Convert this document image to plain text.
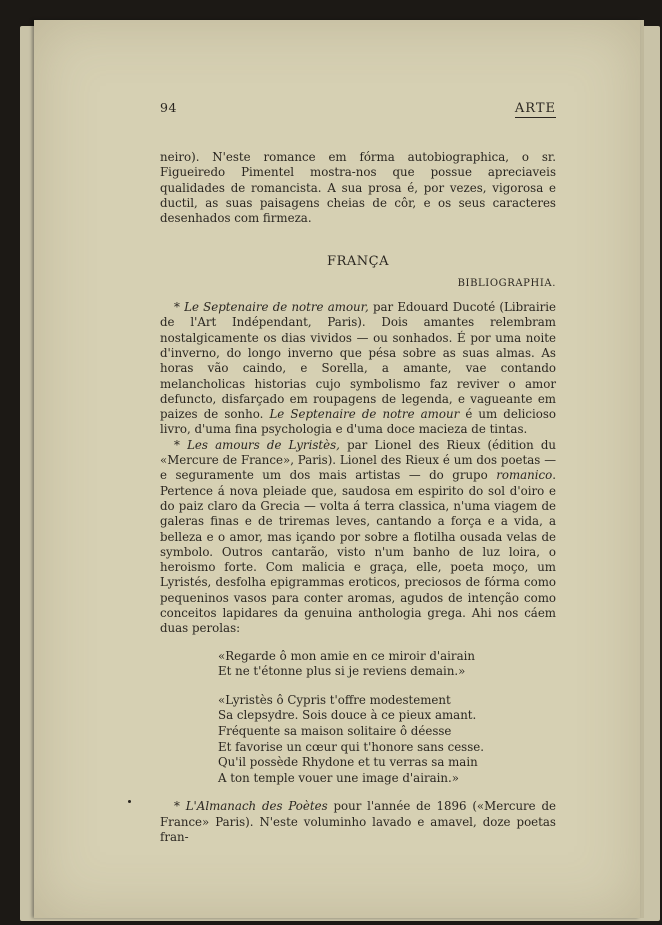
94	ARTE

neiro). N'este romance em fórma autobiographica, o sr. Figueiredo Pimentel mostra-nos que possue apreciaveis qualidades de romancista. A sua prosa é, por vezes, vigorosa e ductil, as suas paisagens cheias de côr, e os seus caracteres desenhados com firmeza.

FRANÇA
BIBLIOGRAPHIA.

* Le Septenaire de notre amour, par Edouard Ducoté (Librairie de l'Art Indépendant, Paris). Dois amantes relembram nostalgicamente os dias vividos — ou sonhados. É por uma noite d'inverno, do longo inverno que pésa sobre as suas almas. As horas vão caindo, e Sorella, a amante, vae contando melancholicas historias cujo symbolismo faz reviver o amor defuncto, disfarçado em roupagens de legenda, e vagueante em paizes de sonho. Le Septenaire de notre amour é um delicioso livro, d'uma fina psychologia e d'uma doce macieza de tintas.

* Les amours de Lyristès, par Lionel des Rieux (édition du «Mercure de France», Paris). Lionel des Rieux é um dos poetas — e seguramente um dos mais artistas — do grupo romanico. Pertence á nova pleiade que, saudosa em espirito do sol d'oiro e do paiz claro da Grecia — volta á terra classica, n'uma viagem de galeras finas e de triremas leves, cantando a força e a vida, a belleza e o amor, mas içando por sobre a flotilha ousada velas de symbolo. Outros cantarão, visto n'um banho de luz loira, o heroismo forte. Com malicia e graça, elle, poeta moço, um Lyristés, desfolha epigrammas eroticos, preciosos de fórma como pequeninos vasos para conter aromas, agudos de intenção como conceitos lapidares da genuina anthologia grega. Ahi nos cáem duas perolas:

«Regarde ô mon amie en ce miroir d'airain
Et ne t'étonne plus si je reviens demain.»
«Lyristès ô Cypris t'offre modestement
Sa clepsydre. Sois douce à ce pieux amant.
Fréquente sa maison solitaire ô déesse
Et favorise un cœur qui t'honore sans cesse.
Qu'il possède Rhydone et tu verras sa main
A ton temple vouer une image d'airain.»

* L'Almanach des Poètes pour l'année de 1896 («Mercure de France» Paris). N'este voluminho lavado e amavel, doze poetas fran-
